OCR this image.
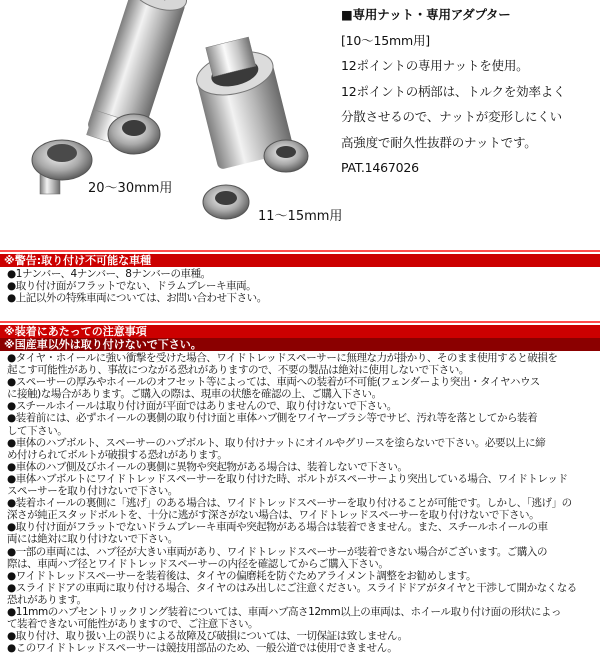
20～30mm用
11～15mm用
■専用ナット・専用アダプター
[10～15mm用]
12ポイントの専用ナットを使用。
12ポイントの柄部は、トルクを効率よく
分散させるので、ナットが変形しにくい
高強度で耐久性抜群のナットです。
PAT.1467026
※警告:取り付け不可能な車種

●1ナンバー、4ナンバー、8ナンバーの車種。

●取り付け面がフラットでない、ドラムブレーキ車両。

●上記以外の特殊車両については、お問い合わせ下さい。

※装着にあたっての注意事項
※国産車以外は取り付けないで下さい。

●タイヤ・ホイールに強い衝撃を受けた場合、ワイドトレッドスペーサーに無理な力が掛かり、そのまま使用すると破損を

起こす可能性があり、事故につながる恐れがありますので、不要の製品は絶対に使用しないで下さい。

●スペーサーの厚みやホイールのオフセット等によっては、車両への装着が不可能(フェンダーより突出・タイヤハウス

に接触)な場合があります。ご購入の際は、現車の状態を確認の上、ご購入下さい。

●スチールホイールは取り付け面が平面ではありませんので、取り付けないで下さい。

●装着前には、必ずホイールの裏側の取り付け面と車体ハブ側をワイヤーブラシ等でサビ、汚れ等を落としてから装着

して下さい。

●車体のハブボルト、スペーサーのハブボルト、取り付けナットにオイルやグリースを塗らないで下さい。必要以上に締

め付けられてボルトが破損する恐れがあります。

●車体のハブ側及びホイールの裏側に異物や突起物がある場合は、装着しないで下さい。

●車体ハブボルトにワイドトレッドスペーサーを取り付けた時、ボルトがスペーサーより突出している場合、ワイドトレッド

スペーサーを取り付けないで下さい。

●装着ホイールの裏側に「逃げ」のある場合は、ワイドトレッドスペーサーを取り付けることが可能です。しかし、「逃げ」の

深さが純正スタッドボルトを、十分に逃がす深さがない場合は、ワイドトレッドスペーサーを取り付けないで下さい。

●取り付け面がフラットでないドラムブレーキ車両や突起物がある場合は装着できません。また、スチールホイールの車

両には絶対に取り付けないで下さい。

●一部の車両には、ハブ径が大きい車両があり、ワイドトレッドスペーサーが装着できない場合がございます。ご購入の

際は、車両ハブ径とワイドトレッドスペーサーの内径を確認してからご購入下さい。

●ワイドトレッドスペーサーを装着後は、タイヤの偏磨耗を防ぐためアライメント調整をお勧めします。

●スライドドアの車両に取り付ける場合、タイヤのはみ出しにご注意ください。スライドドアがタイヤと干渉して開かなくなる

恐れがあります。

●11mmのハブセントリックリング装着については、車両ハブ高さ12mm以上の車両は、ホイール取り付け面の形状によっ

て装着できない可能性がありますので、ご注意下さい。

●取り付け、取り扱い上の誤りによる故障及び破損については、一切保証は致しません。

●このワイドトレッドスペーサーは競技用部品のため、一般公道では使用できません。
